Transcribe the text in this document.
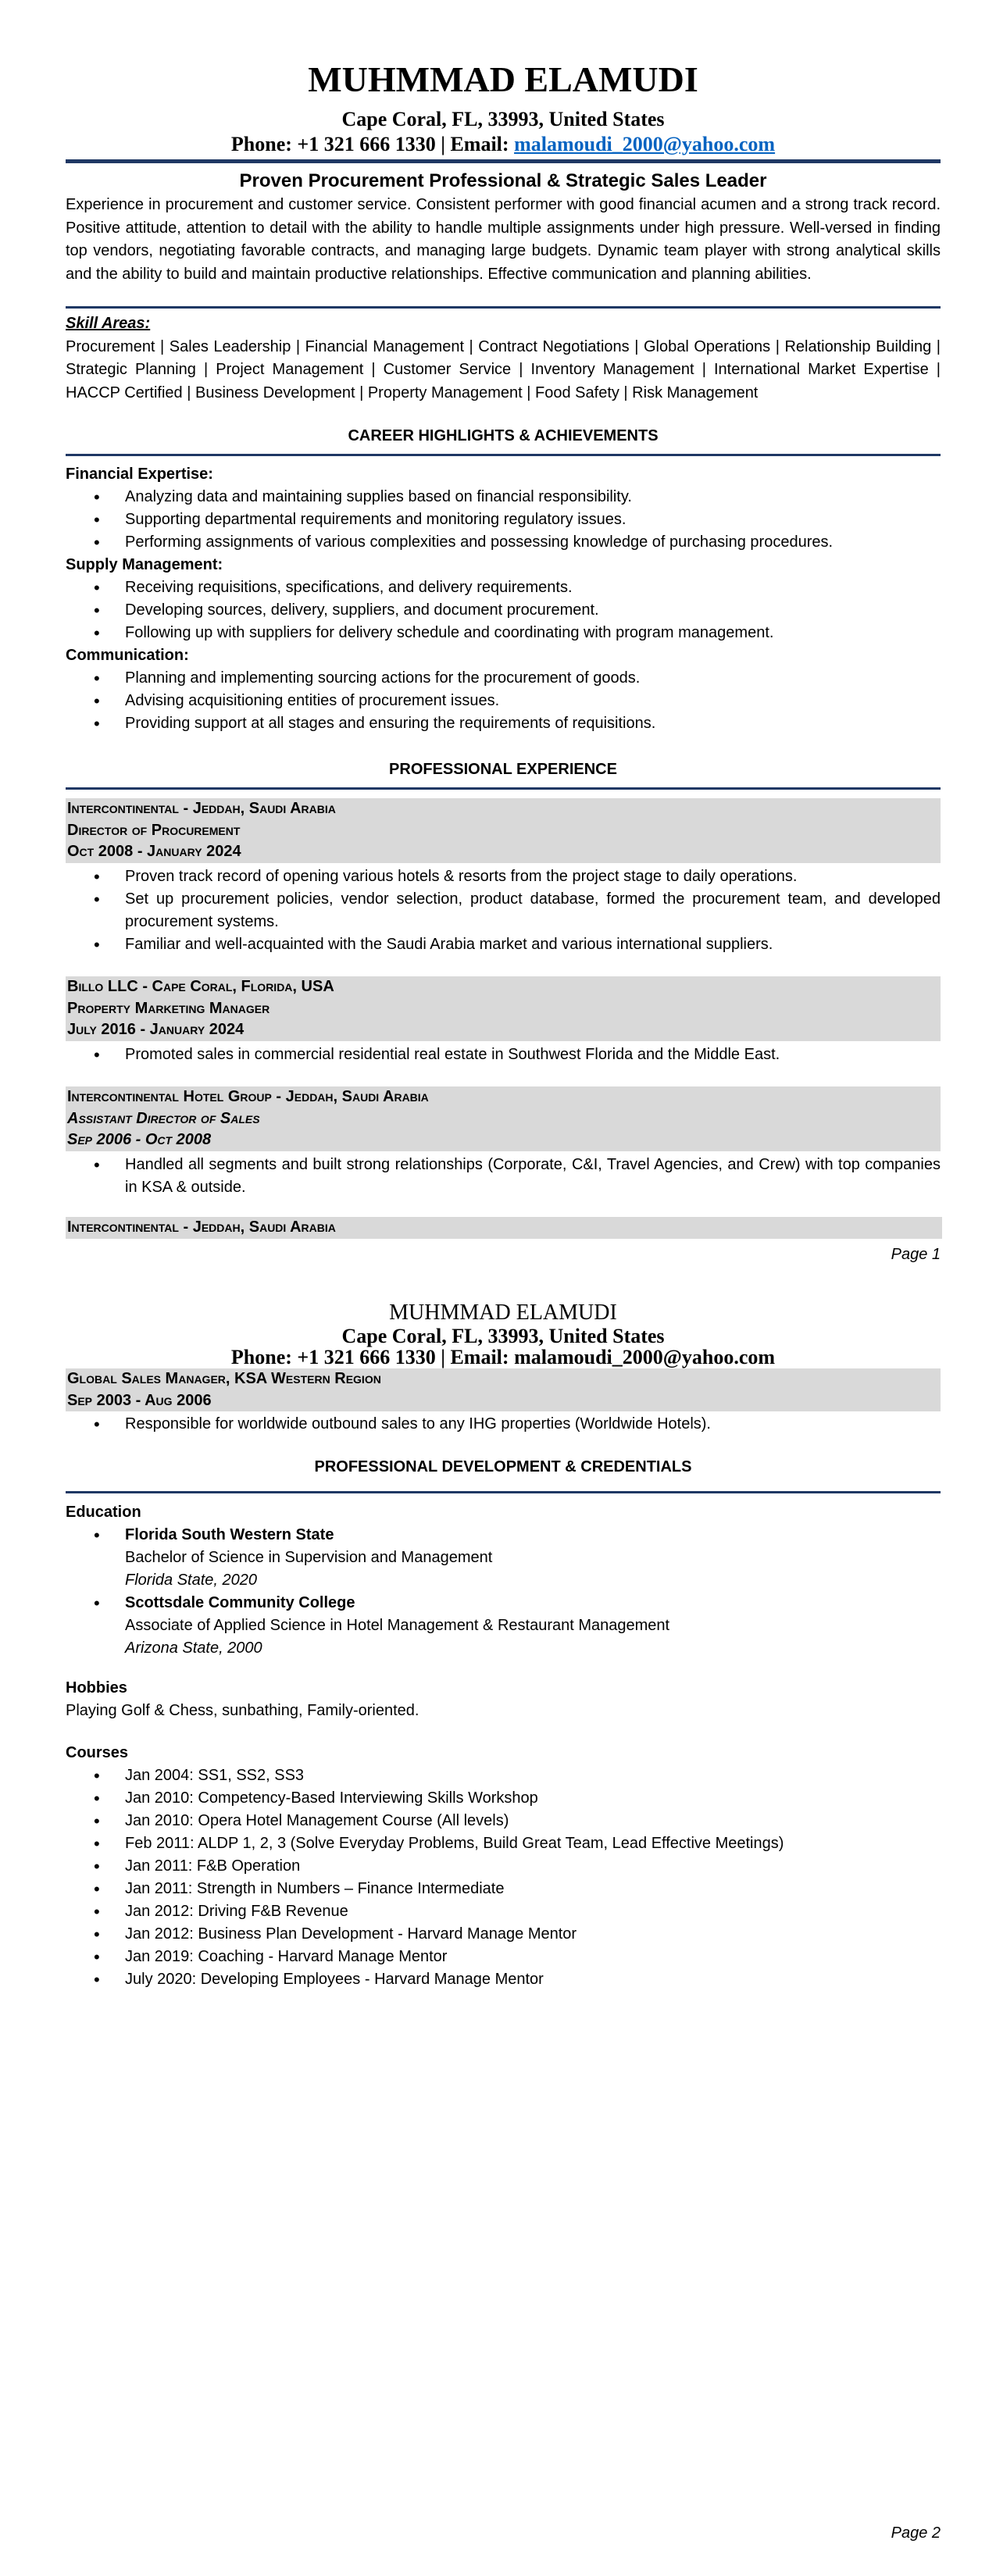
MUHMMAD ELAMUDI
Cape Coral, FL, 33993, United States
Phone: +1 321 666 1330 | Email: malamoudi_2000@yahoo.com
Proven Procurement Professional & Strategic Sales Leader

Experience in procurement and customer service. Consistent performer with good financial acumen and a strong track record. Positive attitude, attention to detail with the ability to handle multiple assignments under high pressure. Well-versed in finding top vendors, negotiating favorable contracts, and managing large budgets. Dynamic team player with strong analytical skills and the ability to build and maintain productive relationships. Effective communication and planning abilities.

Skill Areas:

Procurement | Sales Leadership | Financial Management | Contract Negotiations | Global Operations | Relationship Building | Strategic Planning | Project Management | Customer Service | Inventory Management | International Market Expertise | HACCP Certified | Business Development | Property Management | Food Safety | Risk Management

CAREER HIGHLIGHTS & ACHIEVEMENTS
Financial Expertise:
• Analyzing data and maintaining supplies based on financial responsibility.
• Supporting departmental requirements and monitoring regulatory issues.
• Performing assignments of various complexities and possessing knowledge of purchasing procedures.
Supply Management:
• Receiving requisitions, specifications, and delivery requirements.
• Developing sources, delivery, suppliers, and document procurement.
• Following up with suppliers for delivery schedule and coordinating with program management.
Communication:
• Planning and implementing sourcing actions for the procurement of goods.
• Advising acquisitioning entities of procurement issues.
• Providing support at all stages and ensuring the requirements of requisitions.
PROFESSIONAL EXPERIENCE
Intercontinental - Jeddah, Saudi Arabia
Director of Procurement
Oct 2008 - January 2024
• Proven track record of opening various hotels & resorts from the project stage to daily operations.
• Set up procurement policies, vendor selection, product database, formed the procurement team, and developed procurement systems.
• Familiar and well-acquainted with the Saudi Arabia market and various international suppliers.
Billo LLC - Cape Coral, Florida, USA
Property Marketing Manager
July 2016 - January 2024
• Promoted sales in commercial residential real estate in Southwest Florida and the Middle East.
Intercontinental Hotel Group - Jeddah, Saudi Arabia
Assistant Director of Sales
Sep 2006 - Oct 2008
• Handled all segments and built strong relationships (Corporate, C&I, Travel Agencies, and Crew) with top companies in KSA & outside.
Intercontinental - Jeddah, Saudi Arabia
Page 1
MUHMMAD ELAMUDI
Cape Coral, FL, 33993, United States
Phone: +1 321 666 1330 | Email: malamoudi_2000@yahoo.com
Global Sales Manager, KSA Western Region
Sep 2003 - Aug 2006
• Responsible for worldwide outbound sales to any IHG properties (Worldwide Hotels).
PROFESSIONAL DEVELOPMENT & CREDENTIALS
Education
• Florida South Western State
Bachelor of Science in Supervision and Management
Florida State, 2020
• Scottsdale Community College
Associate of Applied Science in Hotel Management & Restaurant Management
Arizona State, 2000
Hobbies
Playing Golf & Chess, sunbathing, Family-oriented.
Courses
• Jan 2004: SS1, SS2, SS3
• Jan 2010: Competency-Based Interviewing Skills Workshop
• Jan 2010: Opera Hotel Management Course (All levels)
• Feb 2011: ALDP 1, 2, 3 (Solve Everyday Problems, Build Great Team, Lead Effective Meetings)
• Jan 2011: F&B Operation
• Jan 2011: Strength in Numbers – Finance Intermediate
• Jan 2012: Driving F&B Revenue
• Jan 2012: Business Plan Development - Harvard Manage Mentor
• Jan 2019: Coaching - Harvard Manage Mentor
• July 2020: Developing Employees - Harvard Manage Mentor
Page 2
